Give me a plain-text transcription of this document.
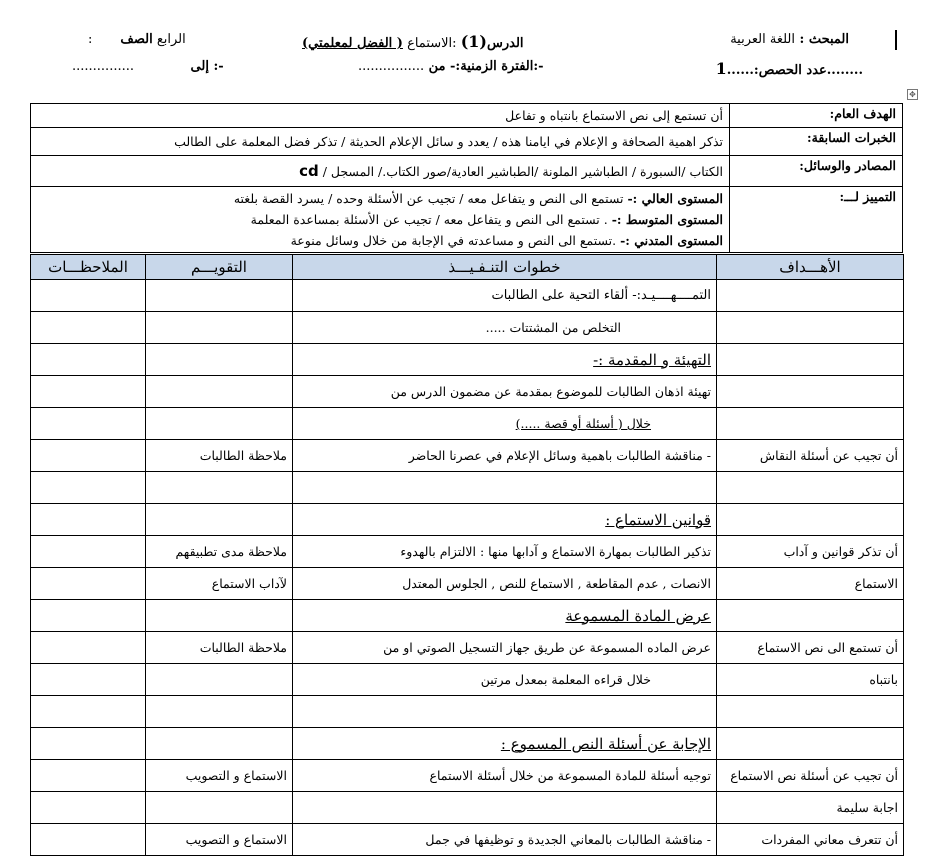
المبحث : اللغة العربية
الدرس(1) :الاستماع ( الفضل لمعلمتي)
:الرابع الصف
عدد الحصص:......1	........
................ الفترة الزمنية:- من:-
...............	إلى :-
✥
الهدف العام:	أن تستمع إلى نص الاستماع بانتباه و تفاعل
الخبرات السابقة:	تذكر اهمية الصحافة و الإعلام في ايامنا هذه / يعدد و سائل الإعلام الحديثة / تذكر فضل المعلمة على الطالب
المصادر والوسائل:	الكتاب /السبورة / الطباشير الملونة /الطباشير العادية/صور الكتاب./ المسجل / cd
التمييز لـــ:	المستوى العالي :- تستمع الى النص و يتفاعل معه / تجيب عن الأسئلة وحده / يسرد القصة بلغته
المستوى المتوسط :- . تستمع الى النص و يتفاعل معه / تجيب عن الأسئلة بمساعدة المعلمة
المستوى المتدني :- .تستمع الى النص و مساعدته في الإجابة من خلال وسائل منوعة
الأهـــداف	خطوات التنـفـيـــذ	التقويـــم	الملاحظـــات
	التمــــهــــيـد:- ألقاء التحية على الطالبات		
	التخلص من المشتتات .....		
	التهيئة و المقدمة :-		
	تهيئة اذهان الطالبات للموضوع بمقدمة عن مضمون الدرس من		
	خلال ( أسئلة أو قصة .....)		
أن تجيب عن أسئلة النقاش	- مناقشة الطالبات باهمية وسائل الإعلام في عصرنا الحاضر	ملاحظة الطالبات	

	قوانين الاستماع :		
أن تذكر قوانين و آداب	تذكير الطالبات بمهارة الاستماع و آدابها منها : الالتزام بالهدوء	ملاحظة مدى تطبيقهم	
الاستماع	الانصات , عدم المقاطعة , الاستماع للنص , الجلوس المعتدل	لآداب الاستماع	
	عرض المادة المسموعة		
أن تستمع الى نص الاستماع	عرض الماده المسموعة عن طريق جهاز التسجيل الصوتي او من	ملاحظة الطالبات	
بانتباه	خلال قراءه المعلمة بمعدل مرتين		

	الإجابة عن أسئلة النص المسموع :		
أن تجيب عن أسئلة نص الاستماع	توجيه أسئلة للمادة المسموعة من خلال أسئلة الاستماع	الاستماع و التصويب	
اجابة سليمة			
أن تتعرف معاني المفردات	- مناقشة الطالبات بالمعاني الجديدة و توظيفها في جمل	الاستماع و التصويب	
